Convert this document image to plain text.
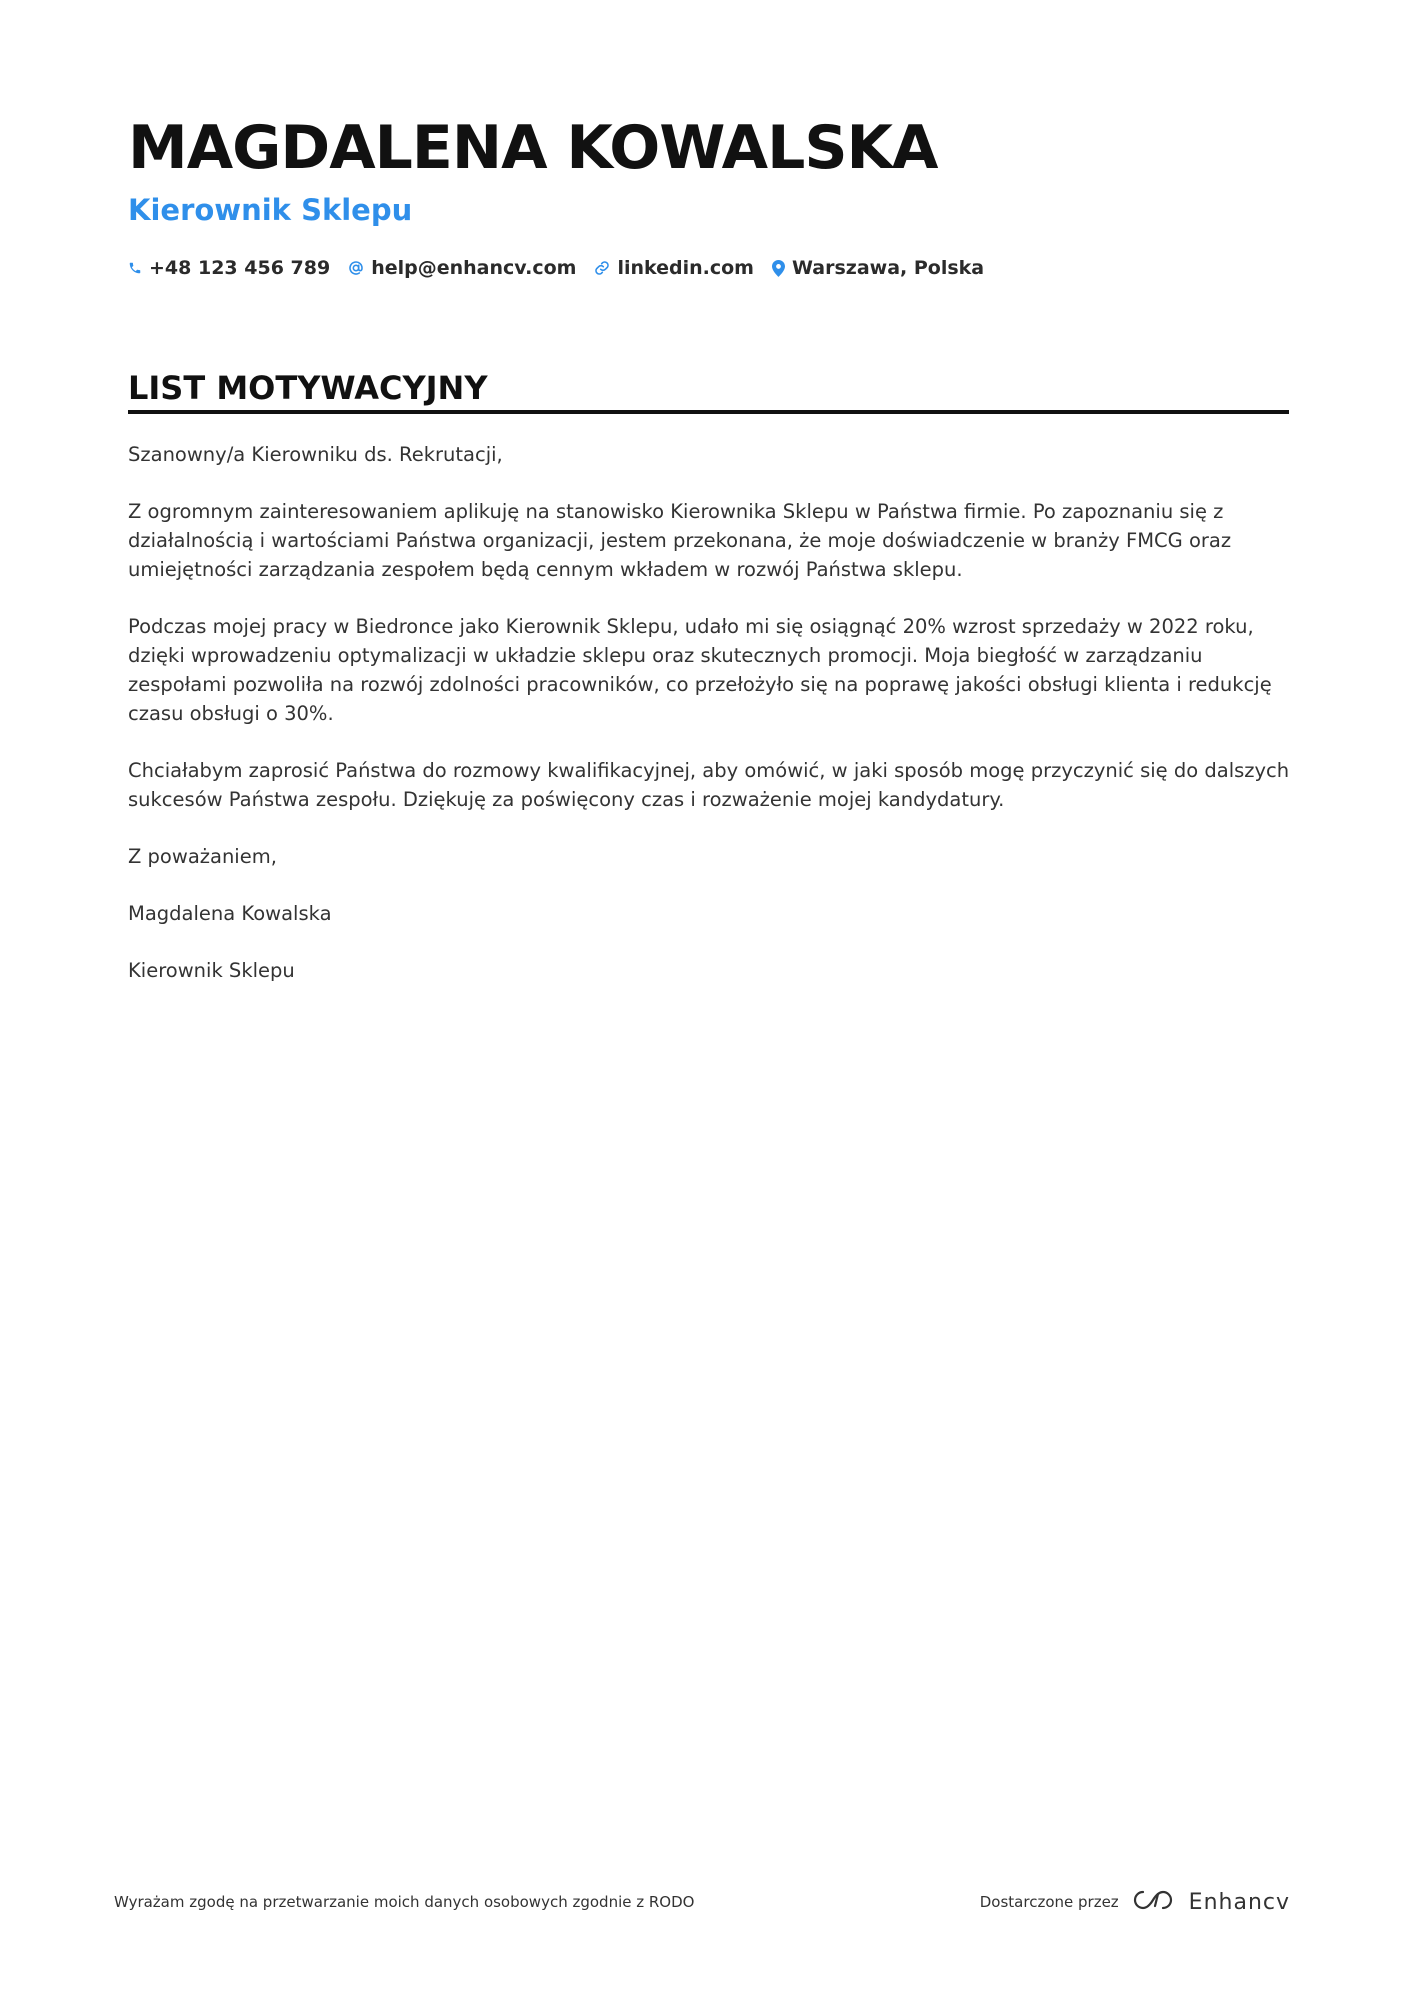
MAGDALENA KOWALSKA
Kierownik Sklepu
+48 123 456 789 help@enhancv.com linkedin.com Warszawa, Polska
LIST MOTYWACYJNY

Szanowny/a Kierowniku ds. Rekrutacji,

Z ogromnym zainteresowaniem aplikuję na stanowisko Kierownika Sklepu w Państwa firmie. Po zapoznaniu się z działalnością i wartościami Państwa organizacji, jestem przekonana, że moje doświadczenie w branży FMCG oraz umiejętności zarządzania zespołem będą cennym wkładem w rozwój Państwa sklepu.

Podczas mojej pracy w Biedronce jako Kierownik Sklepu, udało mi się osiągnąć 20% wzrost sprzedaży w 2022 roku, dzięki wprowadzeniu optymalizacji w układzie sklepu oraz skutecznych promocji. Moja biegłość w zarządzaniu zespołami pozwoliła na rozwój zdolności pracowników, co przełożyło się na poprawę jakości obsługi klienta i redukcję czasu obsługi o 30%.

Chciałabym zaprosić Państwa do rozmowy kwalifikacyjnej, aby omówić, w jaki sposób mogę przyczynić się do dalszych sukcesów Państwa zespołu. Dziękuję za poświęcony czas i rozważenie mojej kandydatury.

Z poważaniem,

Magdalena Kowalska

Kierownik Sklepu

Wyrażam zgodę na przetwarzanie moich danych osobowych zgodnie z RODO	Dostarczone przez	Enhancv
